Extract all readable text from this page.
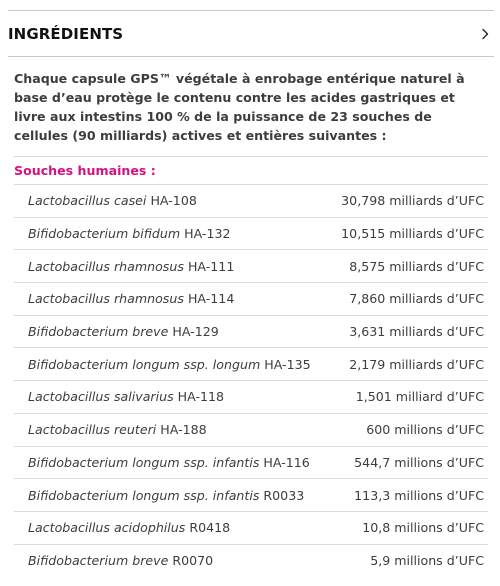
INGRÉDIENTS

Chaque capsule GPS™ végétale à enrobage entérique naturel à base d’eau protège le contenu contre les acides gastriques et livre aux intestins 100 % de la puissance de 23 souches de cellules (90 milliards) actives et entières suivantes :

Souches humaines :
Lactobacillus casei HA-108	30,798 milliards d’UFC
Bifidobacterium bifidum HA-132	10,515 milliards d’UFC
Lactobacillus rhamnosus HA-111	8,575 milliards d’UFC
Lactobacillus rhamnosus HA-114	7,860 milliards d’UFC
Bifidobacterium breve HA-129	3,631 milliards d’UFC
Bifidobacterium longum ssp. longum HA-135	2,179 milliards d’UFC
Lactobacillus salivarius HA-118	1,501 milliard d’UFC
Lactobacillus reuteri HA-188	600 millions d’UFC
Bifidobacterium longum ssp. infantis HA-116	544,7 millions d’UFC
Bifidobacterium longum ssp. infantis R0033	113,3 millions d’UFC
Lactobacillus acidophilus R0418	10,8 millions d’UFC
Bifidobacterium breve R0070	5,9 millions d’UFC
